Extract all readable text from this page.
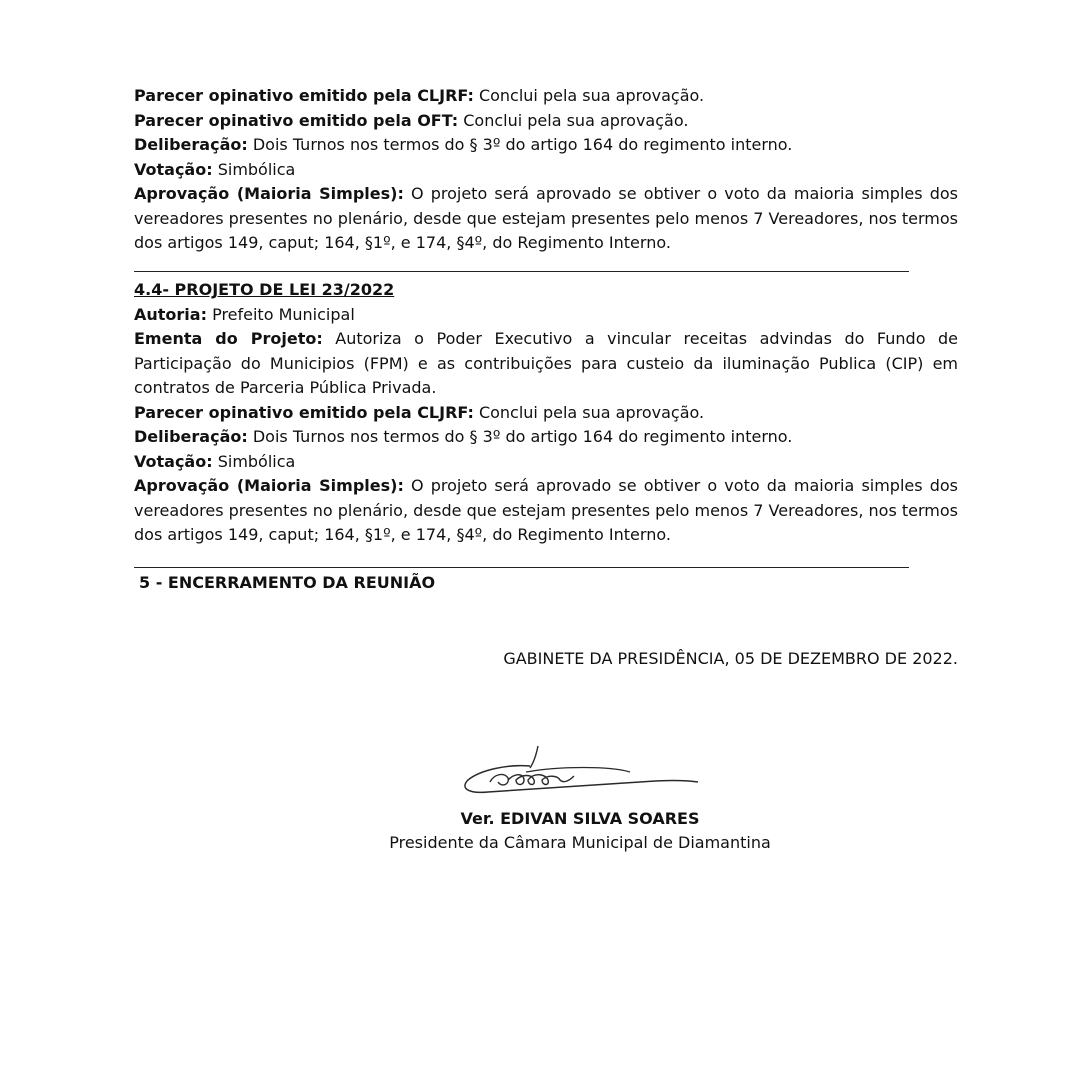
Parecer opinativo emitido pela CLJRF: Conclui pela sua aprovação.

Parecer opinativo emitido pela OFT: Conclui pela sua aprovação.

Deliberação: Dois Turnos nos termos do § 3º do artigo 164 do regimento interno.

Votação: Simbólica

Aprovação (Maioria Simples): O projeto será aprovado se obtiver o voto da maioria simples dos vereadores presentes no plenário, desde que estejam presentes pelo menos 7 Vereadores, nos termos dos artigos 149, caput; 164, §1º, e 174, §4º, do Regimento Interno.

4.4- PROJETO DE LEI 23/2022

Autoria: Prefeito Municipal

Ementa do Projeto: Autoriza o Poder Executivo a vincular receitas advindas do Fundo de Participação do Municipios (FPM) e as contribuições para custeio da iluminação Publica (CIP) em contratos de Parceria Pública Privada.

Parecer opinativo emitido pela CLJRF: Conclui pela sua aprovação.

Deliberação: Dois Turnos nos termos do § 3º do artigo 164 do regimento interno.

Votação: Simbólica

Aprovação (Maioria Simples): O projeto será aprovado se obtiver o voto da maioria simples dos vereadores presentes no plenário, desde que estejam presentes pelo menos 7 Vereadores, nos termos dos artigos 149, caput; 164, §1º, e 174, §4º, do Regimento Interno.

5 - ENCERRAMENTO DA REUNIÃO

GABINETE DA PRESIDÊNCIA, 05 DE DEZEMBRO DE 2022.

Ver. EDIVAN SILVA SOARES

Presidente da Câmara Municipal de Diamantina
